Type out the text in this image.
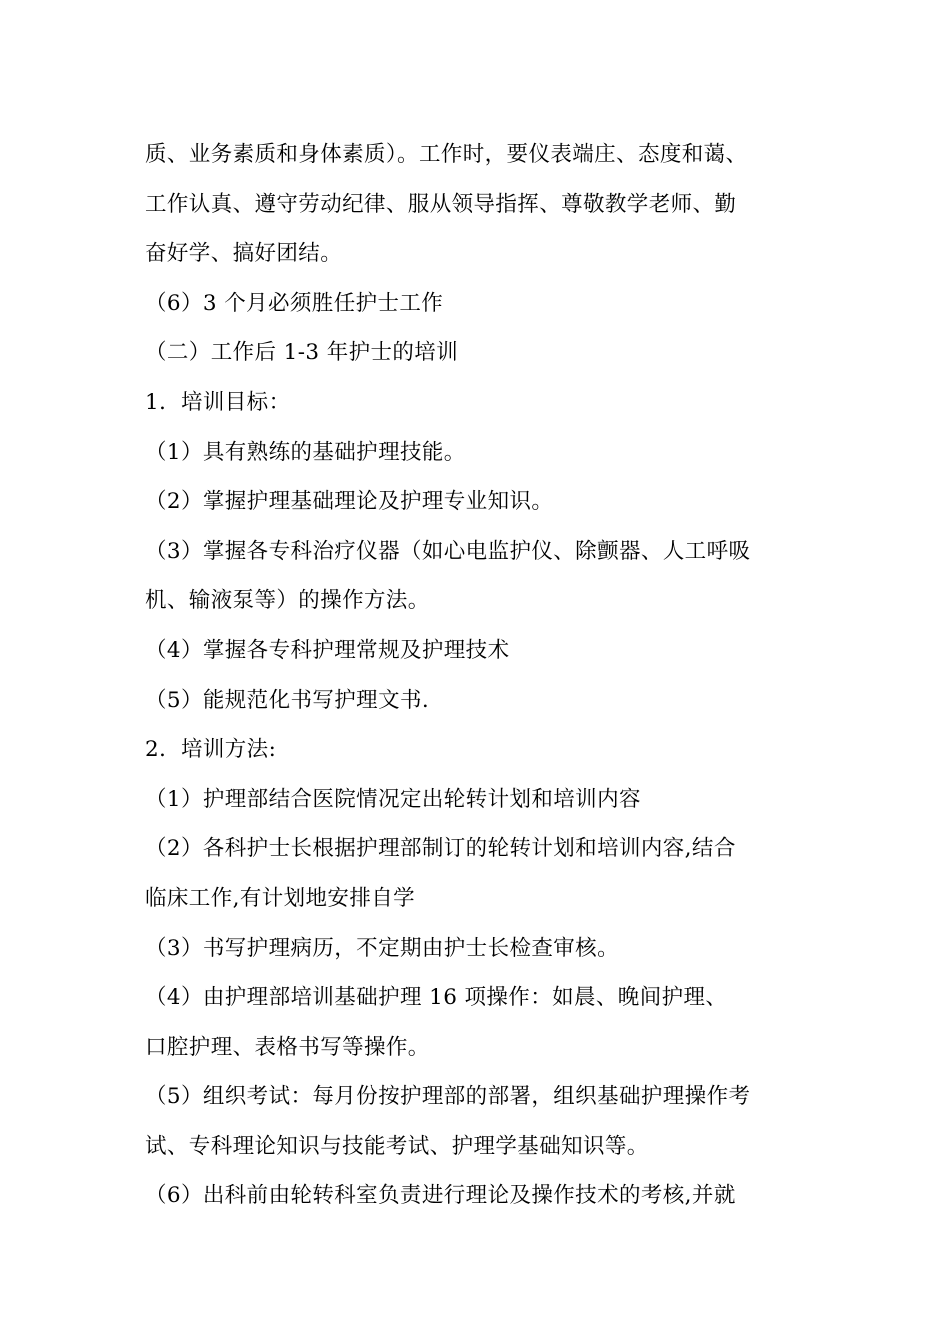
质、业务素质和身体素质）。工作时，要仪表端庄、态度和蔼、
工作认真、遵守劳动纪律、服从领导指挥、尊敬教学老师、勤
奋好学、搞好团结。
（6）3 个月必须胜任护士工作
（二）工作后 1-3 年护士的培训
1．培训目标：
（1）具有熟练的基础护理技能。
（2）掌握护理基础理论及护理专业知识。
（3）掌握各专科治疗仪器（如心电监护仪、除颤器、人工呼吸
机、输液泵等）的操作方法。
（4）掌握各专科护理常规及护理技术
（5）能规范化书写护理文书.
2．培训方法:
（1）护理部结合医院情况定出轮转计划和培训内容
（2）各科护士长根据护理部制订的轮转计划和培训内容,结合
临床工作,有计划地安排自学
（3）书写护理病历，不定期由护士长检查审核。
（4）由护理部培训基础护理 16 项操作：如晨、晚间护理、
口腔护理、表格书写等操作。
（5）组织考试：每月份按护理部的部署，组织基础护理操作考
试、专科理论知识与技能考试、护理学基础知识等。
（6）出科前由轮转科室负责进行理论及操作技术的考核,并就
